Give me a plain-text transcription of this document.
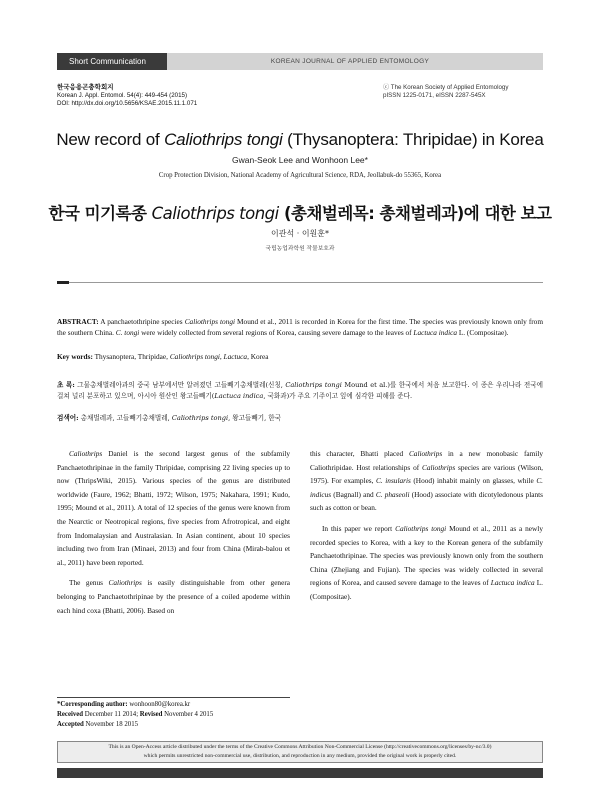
Short Communication	KOREAN JOURNAL OF APPLIED ENTOMOLOGY
한국응용곤충학회지
Korean J. Appl. Entomol. 54(4): 449-454 (2015)
DOI: http://dx.doi.org/10.5656/KSAE.2015.11.1.071
ⓒ The Korean Society of Applied Entomology
pISSN 1225-0171, eISSN 2287-545X
New record of Caliothrips tongi (Thysanoptera: Thripidae) in Korea
Gwan-Seok Lee and Wonhoon Lee*
Crop Protection Division, National Academy of Agricultural Science, RDA, Jeollabuk-do 55365, Korea
한국 미기록종 Caliothrips tongi (총채벌레목: 총채벌레과)에 대한 보고
이관석 · 이원훈*
국립농업과학원 작물보호과
ABSTRACT: A panchaetothripine species Caliothrips tongi Mound et al., 2011 is recorded in Korea for the first time. The species was previously known only from the southern China. C. tongi were widely collected from several regions of Korea, causing severe damage to the leaves of Lactuca indica L. (Compositae).
Key words: Thysanoptera, Thripidae, Caliothrips tongi, Lactuca, Korea
초 록: 그물총채벌레아과의 중국 남부에서만 알려졌던 고들빼기총채벌레(신칭, Caliothrips tongi Mound et al.)를 한국에서 처음 보고한다. 이 종은 우리나라 전국에 걸쳐 널리 분포하고 있으며, 아시아 원산인 왕고들빼기(Lactuca indica, 국화과)가 주요 기주이고 잎에 심각한 피해를 준다.
검색어: 총채벌레과, 고들빼기총채벌레, Caliothrips tongi, 왕고들빼기, 한국

Caliothrips Daniel is the second largest genus of the subfamily Panchaetothripinae in the family Thripidae, comprising 22 living species up to now (ThripsWiki, 2015). Various species of the genus are distributed worldwide (Faure, 1962; Bhatti, 1972; Wilson, 1975; Nakahara, 1991; Kudo, 1995; Mound et al., 2011). A total of 12 species of the genus were known from the Nearctic or Neotropical regions, five species from Afrotropical, and eight from Indomalaysian and Australasian. In Asian continent, about 10 species including two from Iran (Minaei, 2013) and four from China (Mirab-balou et al., 2011) have been reported.

The genus Caliothrips is easily distinguishable from other genera belonging to Panchaetothripinae by the presence of a coiled apodeme within each hind coxa (Bhatti, 2006). Based on

this character, Bhatti placed Caliothrips in a new monobasic family Caliothripidae. Host relationships of Caliothrips species are various (Wilson, 1975). For examples, C. insularis (Hood) inhabit mainly on glasses, while C. indicus (Bagnall) and C. phaseoli (Hood) associate with dicotyledonous plants such as cotton or bean.

In this paper we report Caliothrips tongi Mound et al., 2011 as a newly recorded species to Korea, with a key to the Korean genera of the subfamily Panchaetothripinae. The species was previously known only from the southern China (Zhejiang and Fujian). The species was widely collected in several regions of Korea, and caused severe damage to the leaves of Lactuca indica L. (Compositae).

*Corresponding author: wonhoon80@korea.kr
Received December 11 2014; Revised November 4 2015
Accepted November 18 2015
This is an Open-Access article distributed under the terms of the Creative Commons Attribution Non-Commercial License (http://creativecommons.org/licenses/by-nc/3.0)
which permits unrestricted non-commercial use, distribution, and reproduction in any medium, provided the original work is properly cited.
